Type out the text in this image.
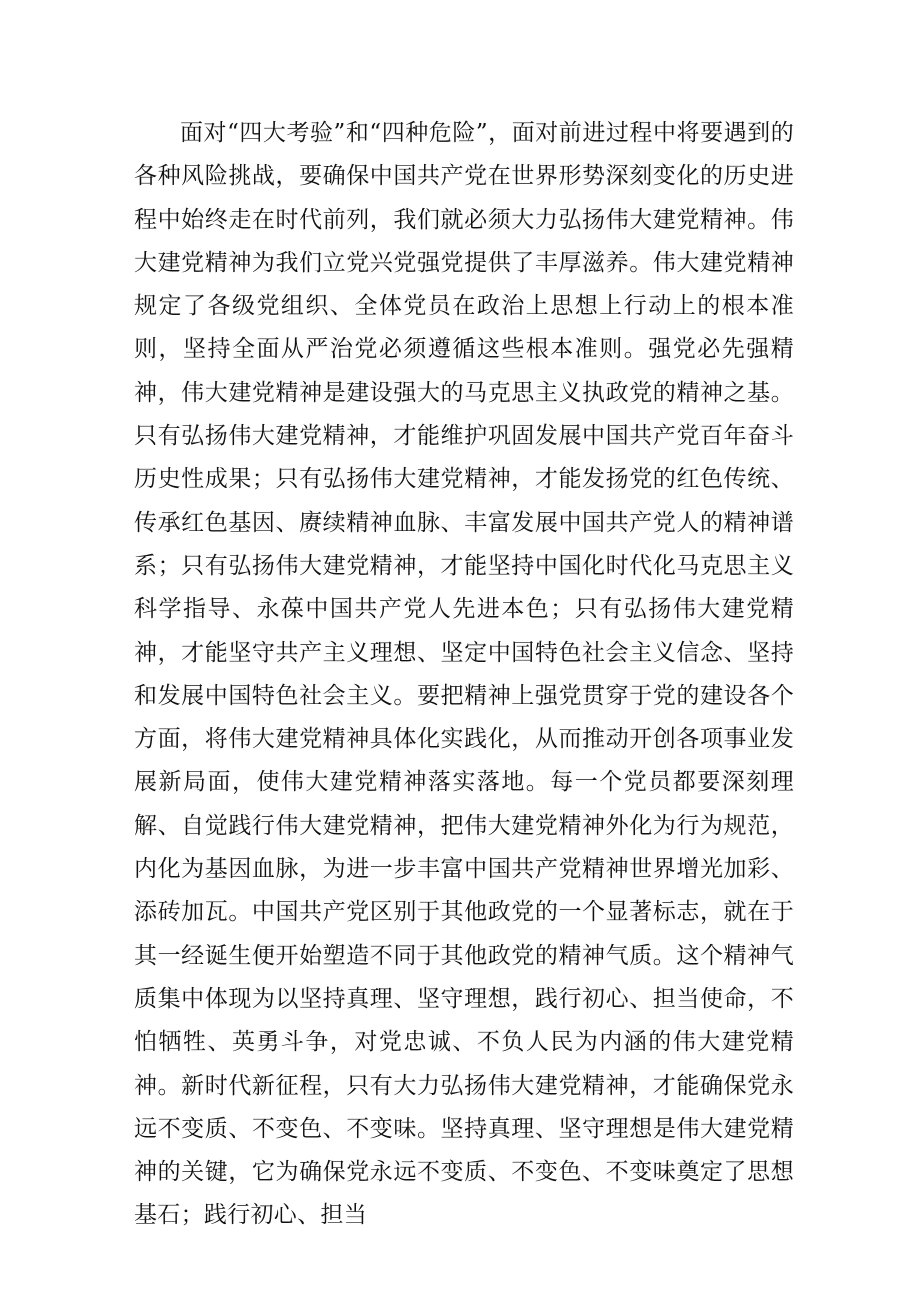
面对“四大考验”和“四种危险”，面对前进过程中将要遇到的各种风险挑战，要确保中国共产党在世界形势深刻变化的历史进程中始终走在时代前列，我们就必须大力弘扬伟大建党精神。伟大建党精神为我们立党兴党强党提供了丰厚滋养。伟大建党精神规定了各级党组织、全体党员在政治上思想上行动上的根本准则，坚持全面从严治党必须遵循这些根本准则。强党必先强精神，伟大建党精神是建设强大的马克思主义执政党的精神之基。只有弘扬伟大建党精神，才能维护巩固发展中国共产党百年奋斗历史性成果；只有弘扬伟大建党精神，才能发扬党的红色传统、传承红色基因、赓续精神血脉、丰富发展中国共产党人的精神谱系；只有弘扬伟大建党精神，才能坚持中国化时代化马克思主义科学指导、永葆中国共产党人先进本色；只有弘扬伟大建党精神，才能坚守共产主义理想、坚定中国特色社会主义信念、坚持和发展中国特色社会主义。要把精神上强党贯穿于党的建设各个方面，将伟大建党精神具体化实践化，从而推动开创各项事业发展新局面，使伟大建党精神落实落地。每一个党员都要深刻理解、自觉践行伟大建党精神，把伟大建党精神外化为行为规范，内化为基因血脉，为进一步丰富中国共产党精神世界增光加彩、添砖加瓦。中国共产党区别于其他政党的一个显著标志，就在于其一经诞生便开始塑造不同于其他政党的精神气质。这个精神气质集中体现为以坚持真理、坚守理想，践行初心、担当使命，不怕牺牲、英勇斗争，对党忠诚、不负人民为内涵的伟大建党精神。新时代新征程，只有大力弘扬伟大建党精神，才能确保党永远不变质、不变色、不变味。坚持真理、坚守理想是伟大建党精神的关键，它为确保党永远不变质、不变色、不变味奠定了思想基石；践行初心、担当
